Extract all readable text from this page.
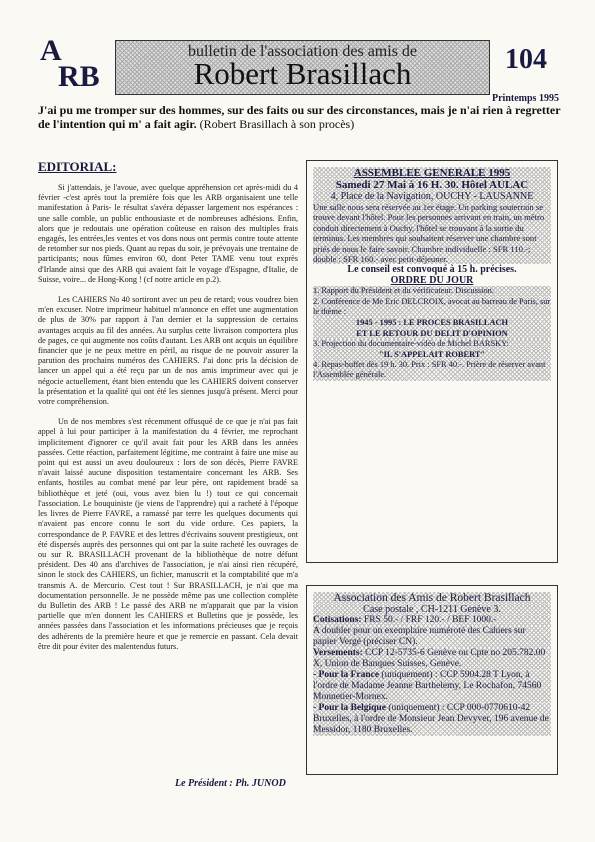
A
RB
bulletin de l'association des amis de
Robert Brasillach	104
Printemps 1995
J'ai pu me tromper sur des hommes, sur des faits ou sur des circonstances, mais je n'ai rien à regretter de l'intention qui m' a fait agir. (Robert Brasillach à son procès)
EDITORIAL:

Si j'attendais, je l'avoue, avec quelque appréhension cet après-midi du 4 février -c'est après tout la première fois que les ARB organisaient une telle manifestation à Paris- le résultat s'avéra dépasser largement nos espérances : une salle comble, un public enthousiaste et de nombreuses adhésions. Enfin, alors que je redoutais une opération coûteuse en raison des multiples frais engagés, les entrées,les ventes et vos dons nous ont permis contre toute attente de retomber sur nos pieds. Quant au repas du soir, je prévoyais une trentaine de participants; nous fûmes environ 60, dont Peter TAME venu tout exprès d'Irlande ainsi que des ARB qui avaient fait le voyage d'Espagne, d'Italie, de Suisse, voire... de Hong-Kong ! (cf notre article en p.2).

Les CAHIERS No 40 sortiront avec un peu de retard; vous voudrez bien m'en excuser. Notre imprimeur habituel m'annonce en effet une augmentation de plus de 30% par rapport à l'an dernier et la suppression de certains avantages acquis au fil des années. Au surplus cette livraison comportera plus de pages, ce qui augmente nos coûts d'autant. Les ARB ont acquis un équilibre financier que je ne peux mettre en péril, au risque de ne pouvoir assurer la parution des prochains numéros des CAHIERS. J'ai donc pris la décision de lancer un appel qui a été reçu par un de nos amis imprimeur avec qui je négocie actuellement, étant bien entendu que les CAHIERS doivent conserver la présentation et la qualité qui ont été les siennes jusqu'à présent. Merci pour votre compréhension.

Un de nos membres s'est récemment offusqué de ce que je n'ai pas fait appel à lui pour participer à la manifestation du 4 février, me reprochant implicitement d'ignorer ce qu'il avait fait pour les ARB dans les années passées. Cette réaction, parfaitement légitime, me contraint à faire une mise au point qui est aussi un aveu douloureux : lors de son décès, Pierre FAVRE n'avait laissé aucune disposition testamentaire concernant les ARB. Ses enfants, hostiles au combat mené par leur père, ont rapidement bradé sa bibliothèque et jeté (oui, vous avez bien lu !) tout ce qui concernait l'association. Le bouquiniste (je viens de l'apprendre) qui a racheté à l'époque les livres de Pierre FAVRE, a ramassé par terre les quelques documents qui n'avaient pas encore connu le sort du vide ordure. Ces papiers, la correspondance de P. FAVRE et des lettres d'écrivains souvent prestigieux, ont été dispersés auprès des personnes qui ont par la suite racheté les ouvrages de ou sur R. BRASILLACH provenant de la bibliothèque de notre défunt président. Des 40 ans d'archives de l'association, je n'ai ainsi rien récupéré, sinon le stock des CAHIERS, un fichier, manuscrit et la comptabilité que m'a transmis A. de Mercurio. C'est tout ! Sur BRASILLACH, je n'ai que ma documentation personnelle. Je ne possède même pas une collection complète du Bulletin des ARB ! Le passé des ARB ne m'apparait que par la vision partielle que m'en donnent les CAHIERS et Bulletins que je possède, les années passées dans l'association et les informations précieuses que je reçois des adhérents de la première heure et que je remercie en passant. Cela devait être dit pour éviter des malentendus futurs.

Le Président : Ph. JUNOD

ASSEMBLEE GENERALE 1995

Samedi 27 Mai à 16 H. 30. Hôtel AULAC

4, Place de la Navigation, OUCHY - LAUSANNE

Une salle nous sera réservée au 1er étage. Un parking souterrain se trouve devant l'hôtel. Pour les personnes arrivant en train, un métro conduit directement à Ouchy, l'hôtel se trouvant à la sortie du terminus. Les membres qui souhaitent réserver une chambre sont priés de nous le faire savoir. Chambre individuelle : SFR 110.-; double : SFR 160.- avec petit-déjeuner.

Le conseil est convoqué à 15 h. précises.

ORDRE DU JOUR

1. Rapport du Président et du vérificateur. Discussion.

2. Conférence de Me Eric DELCROIX, avocat au barreau de Paris, sur le thème :

1945 - 1995 : LE PROCES BRASILLACH
ET LE RETOUR DU DELIT D'OPINION

3. Projection du documentaire-vidéo de Michel BARSKY:

"IL S'APPELAIT ROBERT"

4. Repas-buffet dès 19 h. 30. Prix : SFR 40.-. Prière de réserver avant l'Assemblée générale.

Association des Amis de Robert Brasillach

Case postale , CH-1211 Genève 3.

Cotisations: FRS 50.- / FRF 120.- / BEF 1000.-

A doubler pour un exemplaire numéroté des Cahiers sur papier Vergé (préciser CN).

Versements: CCP 12-5735-6 Genève ou Cpte no 205.782.00 X, Union de Banques Suisses, Genève.

- Pour la France (uniquement) : CCP 5904.28 T Lyon, à l'ordre de Madame Jeanne Barthelemy, Le Rochafon, 74560 Monnetier-Mornex.

- Pour la Belgique (uniquement) : CCP 000-0770610-42 Bruxelles, à l'ordre de Monsieur Jean Devyver, 196 avenue de Messidor, 1180 Bruxelles.
